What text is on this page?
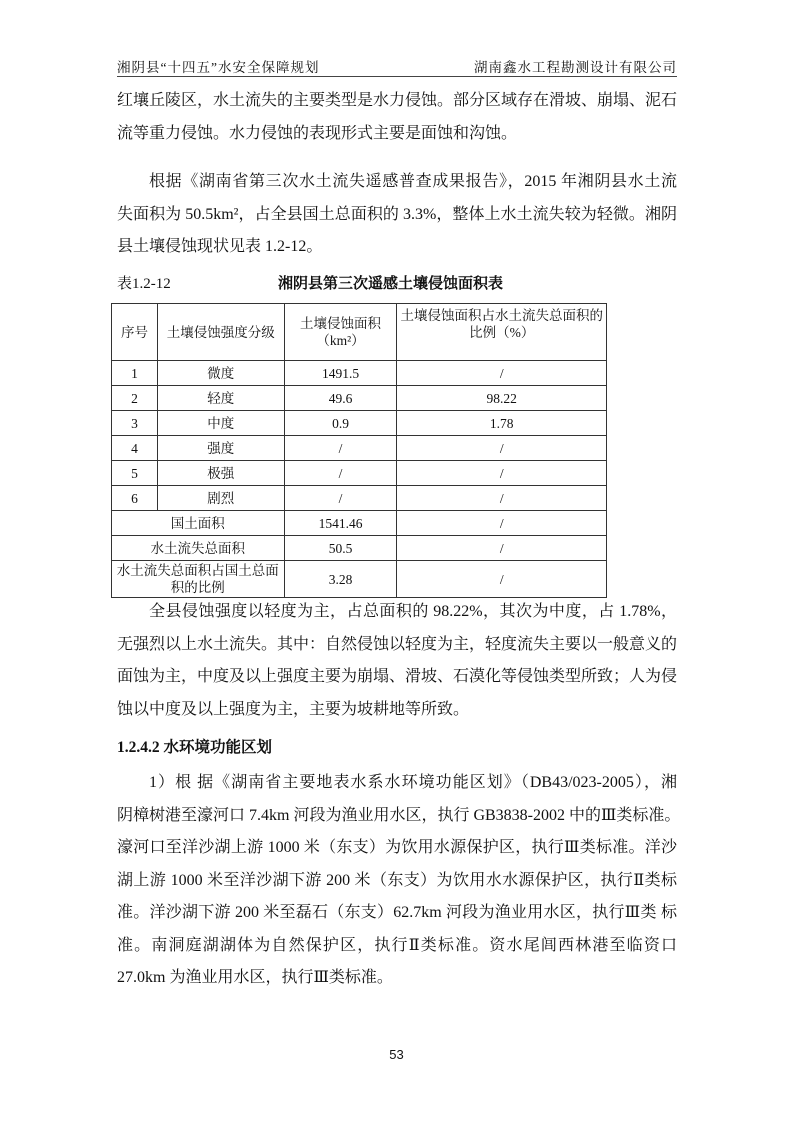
湘阴县“十四五”水安全保障规划	湖南鑫水工程勘测设计有限公司
红壤丘陵区，水土流失的主要类型是水力侵蚀。部分区域存在滑坡、崩塌、泥石
流等重力侵蚀。水力侵蚀的表现形式主要是面蚀和沟蚀。
根据《湖南省第三次水土流失遥感普查成果报告》，2015 年湘阴县水土流
失面积为 50.5km²，占全县国土总面积的 3.3%，整体上水土流失较为轻微。湘阴
县土壤侵蚀现状见表 1.2-12。
表1.2-12	湘阴县第三次遥感土壤侵蚀面积表
序号	土壤侵蚀强度分级	土壤侵蚀面积（km²）	土壤侵蚀面积占水土流失总面积的比例（%）
1	微度	1491.5	/
2	轻度	49.6	98.22
3	中度	0.9	1.78
4	强度	/	/
5	极强	/	/
6	剧烈	/	/
国土面积		1541.46	/
水土流失总面积		50.5	/
水土流失总面积占国土总面积的比例		3.28	/
全县侵蚀强度以轻度为主，占总面积的 98.22%，其次为中度，占 1.78%，
无强烈以上水土流失。其中：自然侵蚀以轻度为主，轻度流失主要以一般意义的
面蚀为主，中度及以上强度主要为崩塌、滑坡、石漠化等侵蚀类型所致；人为侵
蚀以中度及以上强度为主，主要为坡耕地等所致。
1.2.4.2 水环境功能区划
1）根 据《湖南省主要地表水系水环境功能区划》（DB43/023-2005），湘
阴樟树港至濠河口 7.4km 河段为渔业用水区，执行 GB3838-2002 中的Ⅲ类标准。
濠河口至洋沙湖上游 1000 米（东支）为饮用水源保护区，执行Ⅲ类标准。洋沙
湖上游 1000 米至洋沙湖下游 200 米（东支）为饮用水水源保护区，执行Ⅱ类标
准。洋沙湖下游 200 米至磊石（东支）62.7km 河段为渔业用水区，执行Ⅲ类 标
准。南洞庭湖湖体为自然保护区，执行Ⅱ类标准。资水尾闾西林港至临资口
27.0km 为渔业用水区，执行Ⅲ类标准。
53
